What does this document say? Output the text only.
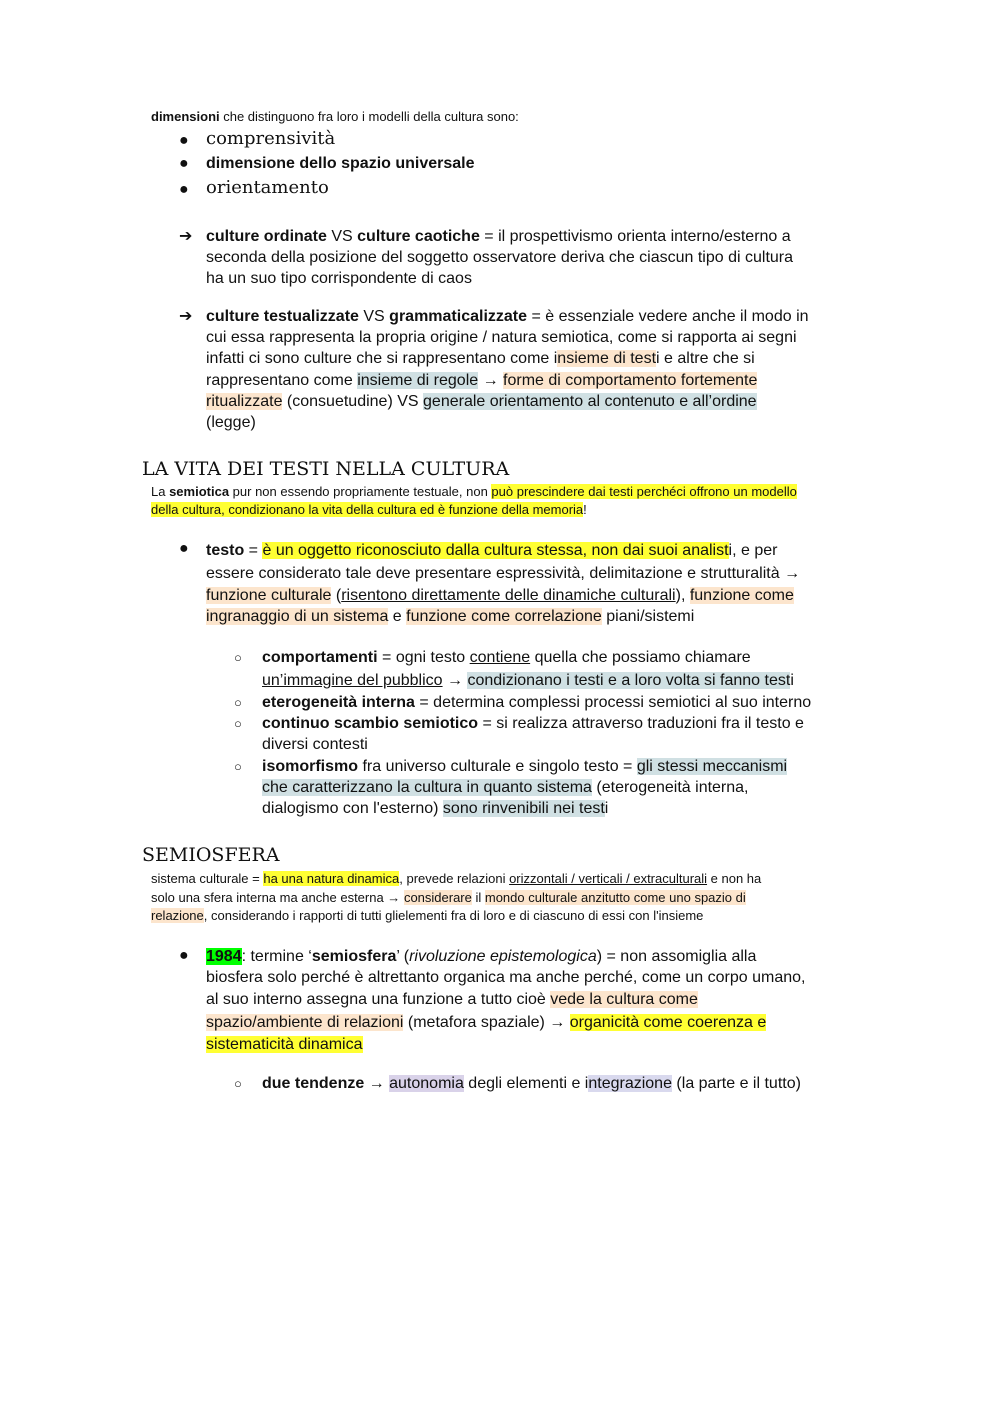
dimensioni che distinguono fra loro i modelli della cultura sono:
● comprensività
● dimensione dello spazio universale
● orientamento
➔ culture ordinate VS culture caotiche = il prospettivismo orienta interno/esterno a
seconda della posizione del soggetto osservatore deriva che ciascun tipo di cultura
ha un suo tipo corrispondente di caos
➔ culture testualizzate VS grammaticalizzate = è essenziale vedere anche il modo in
cui essa rappresenta la propria origine / natura semiotica, come si rapporta ai segni
infatti ci sono culture che si rappresentano come insieme di testi e altre che si
rappresentano come insieme di regole → forme di comportamento fortemente
ritualizzate (consuetudine) VS generale orientamento al contenuto e all’ordine
(legge)
LA VITA DEI TESTI NELLA CULTURA
La semiotica pur non essendo propriamente testuale, non può prescindere dai testi perchéci offrono un modello
della cultura, condizionano la vita della cultura ed è funzione della memoria!
● testo = è un oggetto riconosciuto dalla cultura stessa, non dai suoi analisti, e per
essere considerato tale deve presentare espressività, delimitazione e strutturalità →
funzione culturale (risentono direttamente delle dinamiche culturali), funzione come
ingranaggio di un sistema e funzione come correlazione piani/sistemi
○ comportamenti = ogni testo contiene quella che possiamo chiamare
un’immagine del pubblico → condizionano i testi e a loro volta si fanno testi
○ eterogeneità interna = determina complessi processi semiotici al suo interno
○ continuo scambio semiotico = si realizza attraverso traduzioni fra il testo e
diversi contesti
○ isomorfismo fra universo culturale e singolo testo = gli stessi meccanismi
che caratterizzano la cultura in quanto sistema (eterogeneità interna,
dialogismo con l'esterno) sono rinvenibili nei testi
SEMIOSFERA
sistema culturale = ha una natura dinamica, prevede relazioni orizzontali / verticali / extraculturali e non ha
solo una sfera interna ma anche esterna → considerare il mondo culturale anzitutto come uno spazio di
relazione, considerando i rapporti di tutti glielementi fra di loro e di ciascuno di essi con l'insieme
● 1984: termine ‘semiosfera’ (rivoluzione epistemologica) = non assomiglia alla
biosfera solo perché è altrettanto organica ma anche perché, come un corpo umano,
al suo interno assegna una funzione a tutto cioè vede la cultura come
spazio/ambiente di relazioni (metafora spaziale) → organicità come coerenza e
sistematicità dinamica
○ due tendenze → autonomia degli elementi e integrazione (la parte e il tutto)
